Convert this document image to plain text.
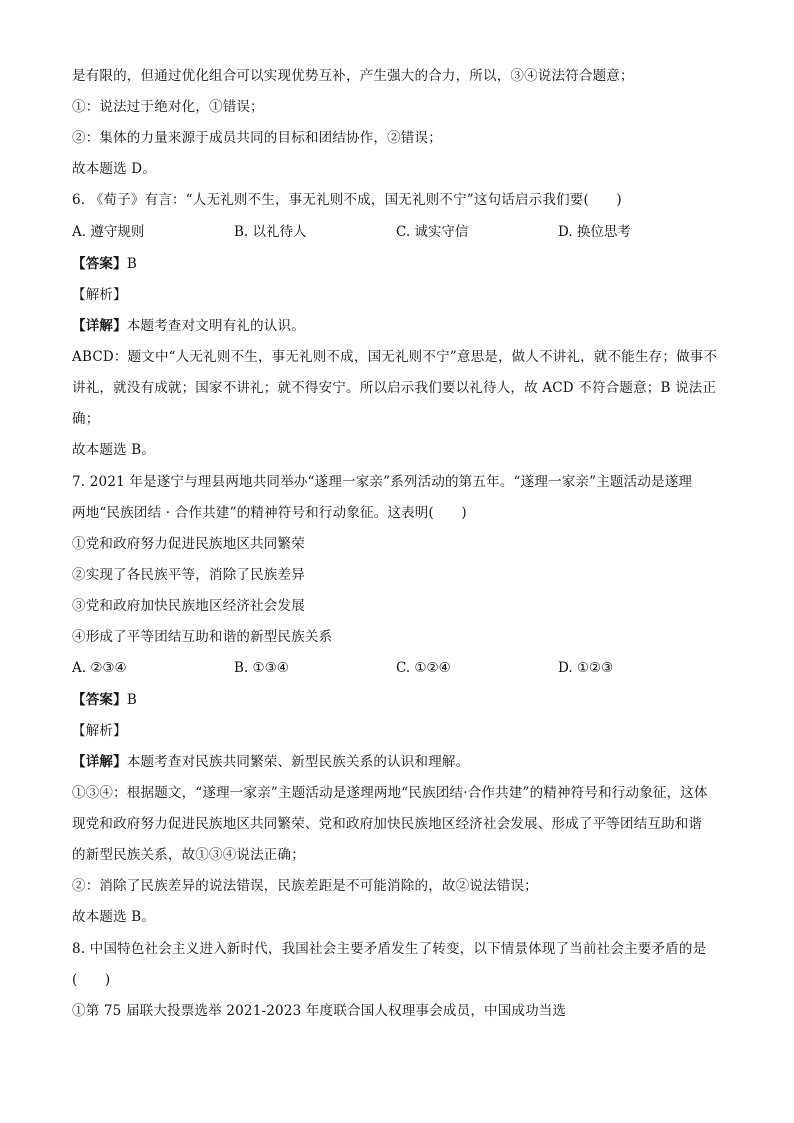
是有限的，但通过优化组合可以实现优势互补，产生强大的合力，所以，③④说法符合题意；
①：说法过于绝对化，①错误；
②：集体的力量来源于成员共同的目标和团结协作，②错误；
故本题选 D。
6. 《荀子》有言：“人无礼则不生，事无礼则不成，国无礼则不宁”这句话启示我们要(　　)
A. 遵守规则	B. 以礼待人	C. 诚实守信	D. 换位思考
【答案】B
【解析】
【详解】本题考查对文明有礼的认识。
ABCD：题文中“人无礼则不生，事无礼则不成，国无礼则不宁”意思是，做人不讲礼，就不能生存；做事不
讲礼，就没有成就；国家不讲礼；就不得安宁。所以启示我们要以礼待人，故 ACD 不符合题意；B 说法正
确；
故本题选 B。
7. 2021 年是遂宁与理县两地共同举办“遂理一家亲”系列活动的第五年。“遂理一家亲”主题活动是遂理
两地“民族团结 · 合作共建”的精神符号和行动象征。这表明(　　)
①党和政府努力促进民族地区共同繁荣
②实现了各民族平等，消除了民族差异
③党和政府加快民族地区经济社会发展
④形成了平等团结互助和谐的新型民族关系
A. ②③④	B. ①③④	C. ①②④	D. ①②③
【答案】B
【解析】
【详解】本题考查对民族共同繁荣、新型民族关系的认识和理解。
①③④：根据题文，“遂理一家亲”主题活动是遂理两地“民族团结·合作共建”的精神符号和行动象征，这体
现党和政府努力促进民族地区共同繁荣、党和政府加快民族地区经济社会发展、形成了平等团结互助和谐
的新型民族关系，故①③④说法正确；
②：消除了民族差异的说法错误，民族差距是不可能消除的，故②说法错误；
故本题选 B。
8. 中国特色社会主义进入新时代，我国社会主要矛盾发生了转变，以下情景体现了当前社会主要矛盾的是
(　　)
①第 75 届联大投票选举 2021-2023 年度联合国人权理事会成员，中国成功当选
